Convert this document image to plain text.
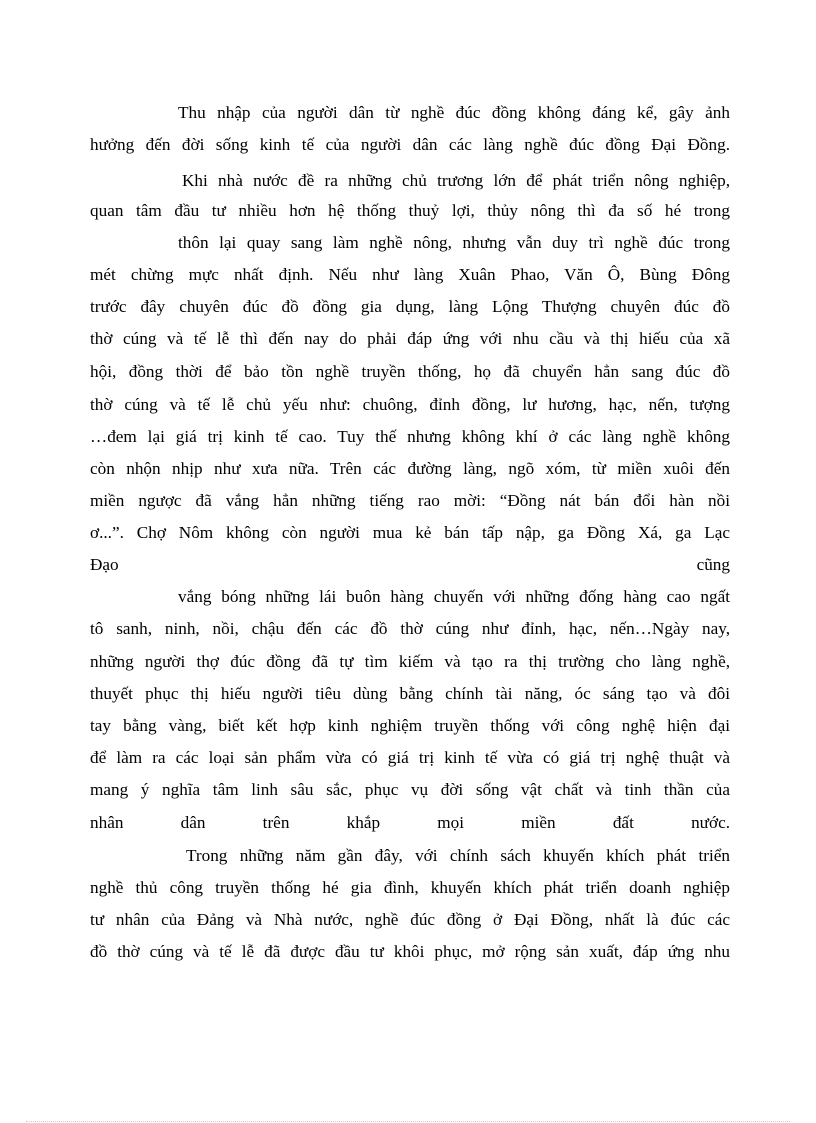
Thu nhập của người dân từ nghề đúc đồng không đáng kể, gây ảnh
hưởng đến đời sống kinh tế của người dân các làng nghề đúc đồng Đại Đồng.
Khi nhà nước đề ra những chủ trương lớn để phát triển nông nghiệp,
quan tâm đầu tư nhiều hơn hệ thống thuỷ lợi, thủy nông thì đa số hé trong
thôn lại quay sang làm nghề nông, nhưng vẫn duy trì nghề đúc trong
mét chừng mực nhất định. Nếu như làng Xuân Phao, Văn Ô, Bùng Đông
trước đây chuyên đúc đồ đồng gia dụng, làng Lộng Thượng chuyên đúc đồ
thờ cúng và tế lễ thì đến nay do phải đáp ứng với nhu cầu và thị hiếu của xã
hội, đồng thời để bảo tồn nghề truyền thống, họ đã chuyển hẳn sang đúc đồ
thờ cúng và tế lễ chủ yếu như: chuông, đỉnh đồng, lư hương, hạc, nến, tượng
…đem lại giá trị kinh tế cao. Tuy thế nhưng không khí ở các làng nghề không
còn nhộn nhịp như xưa nữa. Trên các đường làng, ngõ xóm, từ miền xuôi đến
miền ngược đã vắng hẳn những tiếng rao mời: “Đồng nát bán đổi hàn nồi
ơ...”. Chợ Nôm không còn người mua kẻ bán tấp nập, ga Đồng Xá, ga Lạc
Đạo cũng
vắng bóng những lái buôn hàng chuyến với những đống hàng cao ngất
tô sanh, ninh, nồi, chậu đến các đồ thờ cúng như đỉnh, hạc, nến…Ngày nay,
những người thợ đúc đồng đã tự tìm kiếm và tạo ra thị trường cho làng nghề,
thuyết phục thị hiếu người tiêu dùng bằng chính tài năng, óc sáng tạo và đôi
tay bằng vàng, biết kết hợp kinh nghiệm truyền thống với công nghệ hiện đại
để làm ra các loại sản phẩm vừa có giá trị kinh tế vừa có giá trị nghệ thuật và
mang ý nghĩa tâm linh sâu sắc, phục vụ đời sống vật chất và tinh thần của
nhân dân trên khắp mọi miền đất nước.
Trong những năm gần đây, với chính sách khuyến khích phát triển
nghề thủ công truyền thống hé gia đình, khuyến khích phát triển doanh nghiệp
tư nhân của Đảng và Nhà nước, nghề đúc đồng ở Đại Đồng, nhất là đúc các
đồ thờ cúng và tế lễ đã được đầu tư khôi phục, mở rộng sản xuất, đáp ứng nhu
